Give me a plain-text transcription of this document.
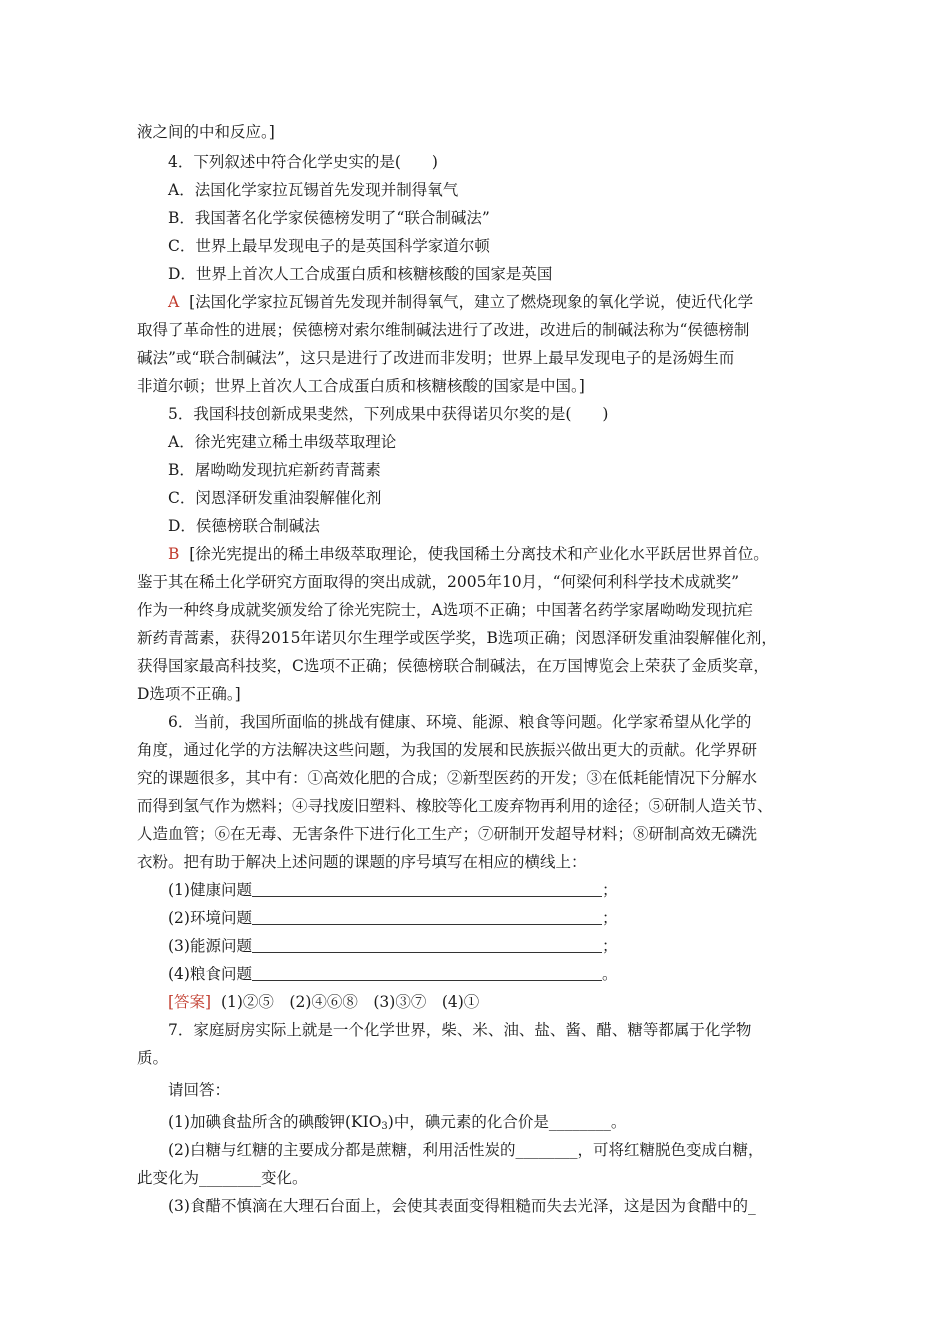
液之间的中和反应。]
4．下列叙述中符合化学史实的是(　　)
A．法国化学家拉瓦锡首先发现并制得氧气
B．我国著名化学家侯德榜发明了“联合制碱法”
C．世界上最早发现电子的是英国科学家道尔顿
D．世界上首次人工合成蛋白质和核糖核酸的国家是英国
A [法国化学家拉瓦锡首先发现并制得氧气，建立了燃烧现象的氧化学说，使近代化学
取得了革命性的进展；侯德榜对索尔维制碱法进行了改进，改进后的制碱法称为“侯德榜制
碱法”或“联合制碱法”，这只是进行了改进而非发明；世界上最早发现电子的是汤姆生而
非道尔顿；世界上首次人工合成蛋白质和核糖核酸的国家是中国。]
5．我国科技创新成果斐然，下列成果中获得诺贝尔奖的是(　　)
A．徐光宪建立稀土串级萃取理论
B．屠呦呦发现抗疟新药青蒿素
C．闵恩泽研发重油裂解催化剂
D．侯德榜联合制碱法
B [徐光宪提出的稀土串级萃取理论，使我国稀土分离技术和产业化水平跃居世界首位。
鉴于其在稀土化学研究方面取得的突出成就，2005年10月，“何梁何利科学技术成就奖”
作为一种终身成就奖颁发给了徐光宪院士，A选项不正确；中国著名药学家屠呦呦发现抗疟
新药青蒿素，获得2015年诺贝尔生理学或医学奖，B选项正确；闵恩泽研发重油裂解催化剂，
获得国家最高科技奖，C选项不正确；侯德榜联合制碱法，在万国博览会上荣获了金质奖章，
D选项不正确。]
6．当前，我国所面临的挑战有健康、环境、能源、粮食等问题。化学家希望从化学的
角度，通过化学的方法解决这些问题，为我国的发展和民族振兴做出更大的贡献。化学界研
究的课题很多，其中有：①高效化肥的合成；②新型医药的开发；③在低耗能情况下分解水
而得到氢气作为燃料；④寻找废旧塑料、橡胶等化工废弃物再利用的途径；⑤研制人造关节、
人造血管；⑥在无毒、无害条件下进行化工生产；⑦研制开发超导材料；⑧研制高效无磷洗
衣粉。把有助于解决上述问题的课题的序号填写在相应的横线上：
(1)健康问题	；
(2)环境问题	；
(3)能源问题	；
(4)粮食问题	。
[答案] (1)②⑤　(2)④⑥⑧　(3)③⑦　(4)①
7．家庭厨房实际上就是一个化学世界，柴、米、油、盐、酱、醋、糖等都属于化学物
质。
请回答：
(1)加碘食盐所含的碘酸钾$(KIO_3)$中，碘元素的化合价是________。
(2)白糖与红糖的主要成分都是蔗糖，利用活性炭的________，可将红糖脱色变成白糖，
此变化为________变化。
(3)食醋不慎滴在大理石台面上，会使其表面变得粗糙而失去光泽，这是因为食醋中的_
